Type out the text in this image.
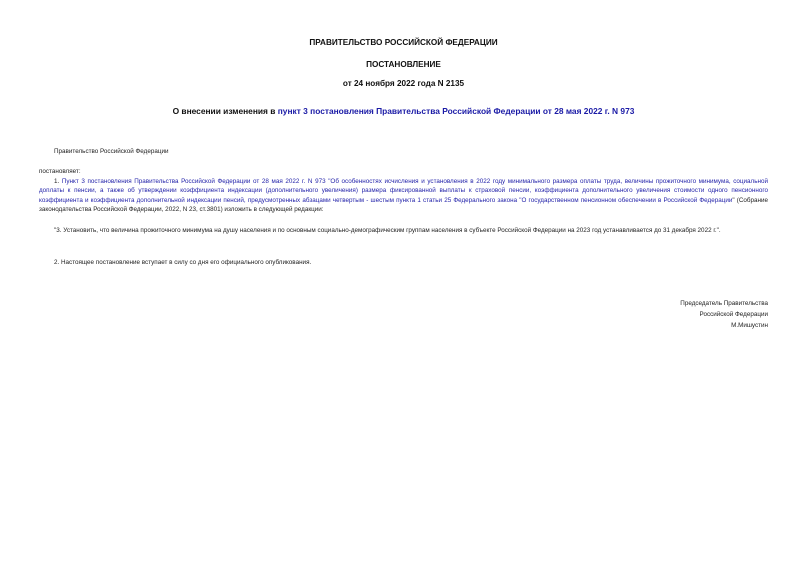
ПРАВИТЕЛЬСТВО РОССИЙСКОЙ ФЕДЕРАЦИИ
ПОСТАНОВЛЕНИЕ
от 24 ноября 2022 года N 2135
О внесении изменения в пункт 3 постановления Правительства Российской Федерации от 28 мая 2022 г. N 973
Правительство Российской Федерации
постановляет:
1. Пункт 3 постановления Правительства Российской Федерации от 28 мая 2022 г. N 973 "Об особенностях исчисления и установления в 2022 году минимального размера оплаты труда, величины прожиточного минимума, социальной доплаты к пенсии, а также об утверждении коэффициента индексации (дополнительного увеличения) размера фиксированной выплаты к страховой пенсии, коэффициента дополнительного увеличения стоимости одного пенсионного коэффициента и коэффициента дополнительной индексации пенсий, предусмотренных абзацами четвертым - шестым пункта 1 статьи 25 Федерального закона "О государственном пенсионном обеспечении в Российской Федерации" (Собрание законодательства Российской Федерации, 2022, N 23, ст.3801) изложить в следующей редакции:
"3. Установить, что величина прожиточного минимума на душу населения и по основным социально-демографическим группам населения в субъекте Российской Федерации на 2023 год устанавливается до 31 декабря 2022 г.".
2. Настоящее постановление вступает в силу со дня его официального опубликования.
Председатель Правительства
Российской Федерации
М.Мишустин
